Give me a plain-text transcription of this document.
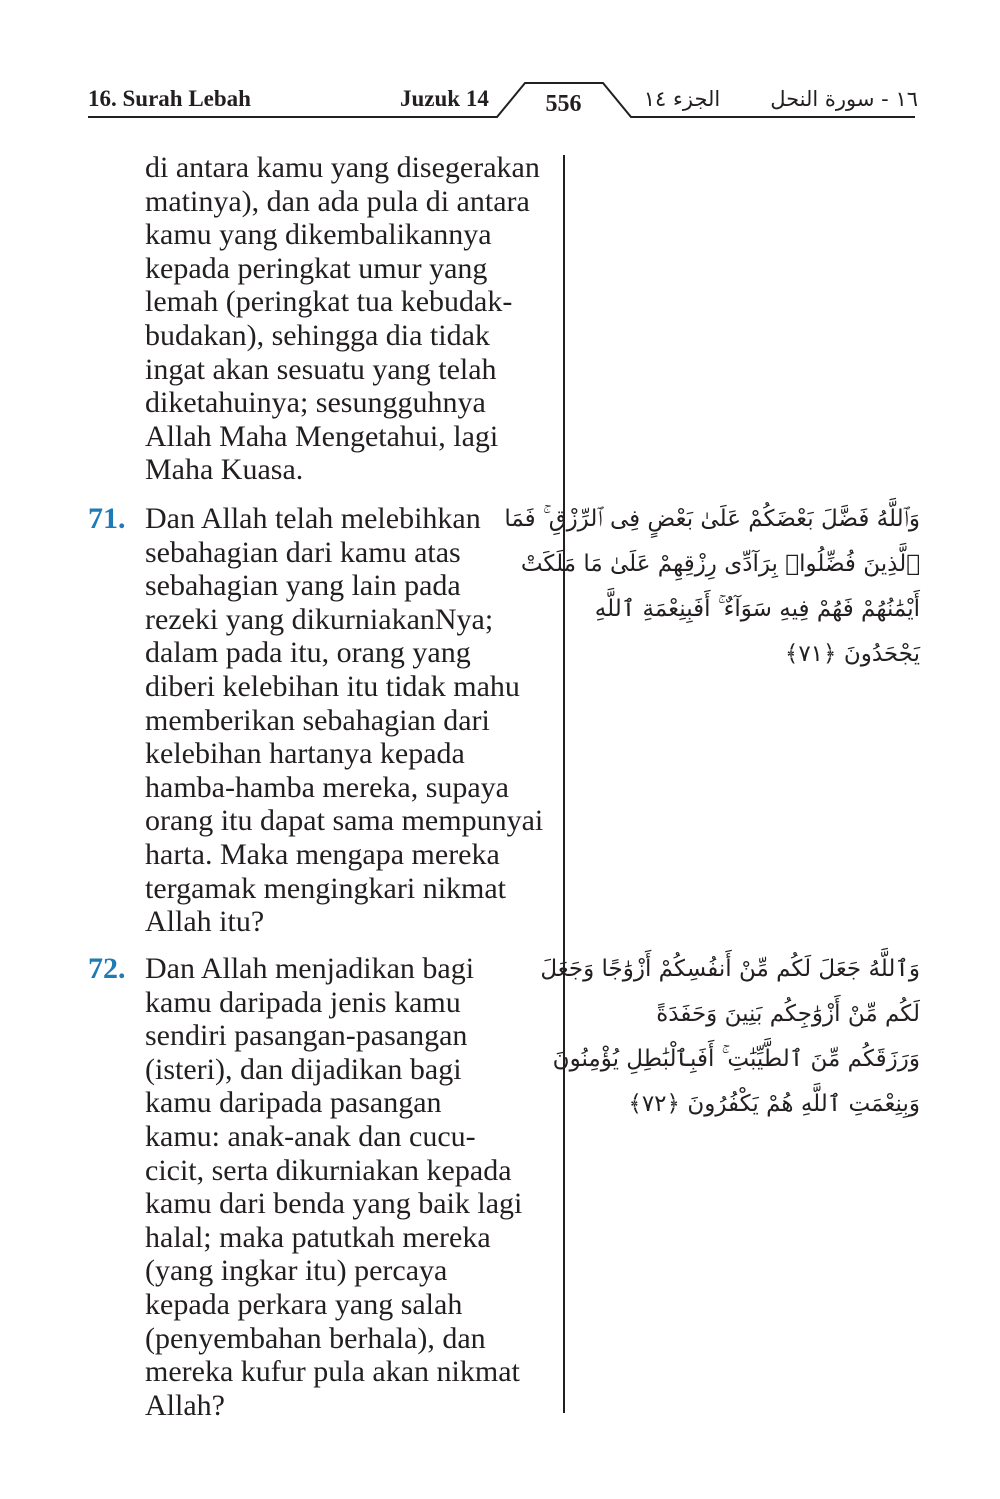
16. Surah Lebah	Juzuk 14	556	الجزء ١٤	١٦ - سورة النحل
di antara kamu yang disegerakan
matinya), dan ada pula di antara
kamu yang dikembalikannya
kepada peringkat umur yang
lemah (peringkat tua kebudak-
budakan), sehingga dia tidak
ingat akan sesuatu yang telah
diketahuinya; sesungguhnya
Allah Maha Mengetahui, lagi
Maha Kuasa.
71. Dan Allah telah melebihkan
sebahagian dari kamu atas
sebahagian yang lain pada
rezeki yang dikurniakanNya;
dalam pada itu, orang yang
diberi kelebihan itu tidak mahu
memberikan sebahagian dari
kelebihan hartanya kepada
hamba-hamba mereka, supaya
orang itu dapat sama mempunyai
harta. Maka mengapa mereka
tergamak mengingkari nikmat
Allah itu?
وَٱللَّهُ فَضَّلَ بَعْضَكُمْ عَلَىٰ بَعْضٍ فِى ٱلرِّزْقِ ۚ فَمَا
ٱلَّذِينَ فُضِّلُوا۟ بِرَآدِّى رِزْقِهِمْ عَلَىٰ مَا مَلَكَتْ
أَيْمَٰنُهُمْ فَهُمْ فِيهِ سَوَآءٌ ۚ أَفَبِنِعْمَةِ ٱللَّهِ
يَجْحَدُونَ ﴿٧١﴾
72. Dan Allah menjadikan bagi
kamu daripada jenis kamu
sendiri pasangan-pasangan
(isteri), dan dijadikan bagi
kamu daripada pasangan
kamu: anak-anak dan cucu-
cicit, serta dikurniakan kepada
kamu dari benda yang baik lagi
halal; maka patutkah mereka
(yang ingkar itu) percaya
kepada perkara yang salah
(penyembahan berhala), dan
mereka kufur pula akan nikmat
Allah?
وَٱللَّهُ جَعَلَ لَكُم مِّنْ أَنفُسِكُمْ أَزْوَٰجًا وَجَعَلَ
لَكُم مِّنْ أَزْوَٰجِكُم بَنِينَ وَحَفَدَةً
وَرَزَقَكُم مِّنَ ٱلطَّيِّبَٰتِ ۚ أَفَبِٱلْبَٰطِلِ يُؤْمِنُونَ
وَبِنِعْمَتِ ٱللَّهِ هُمْ يَكْفُرُونَ ﴿٧٢﴾
